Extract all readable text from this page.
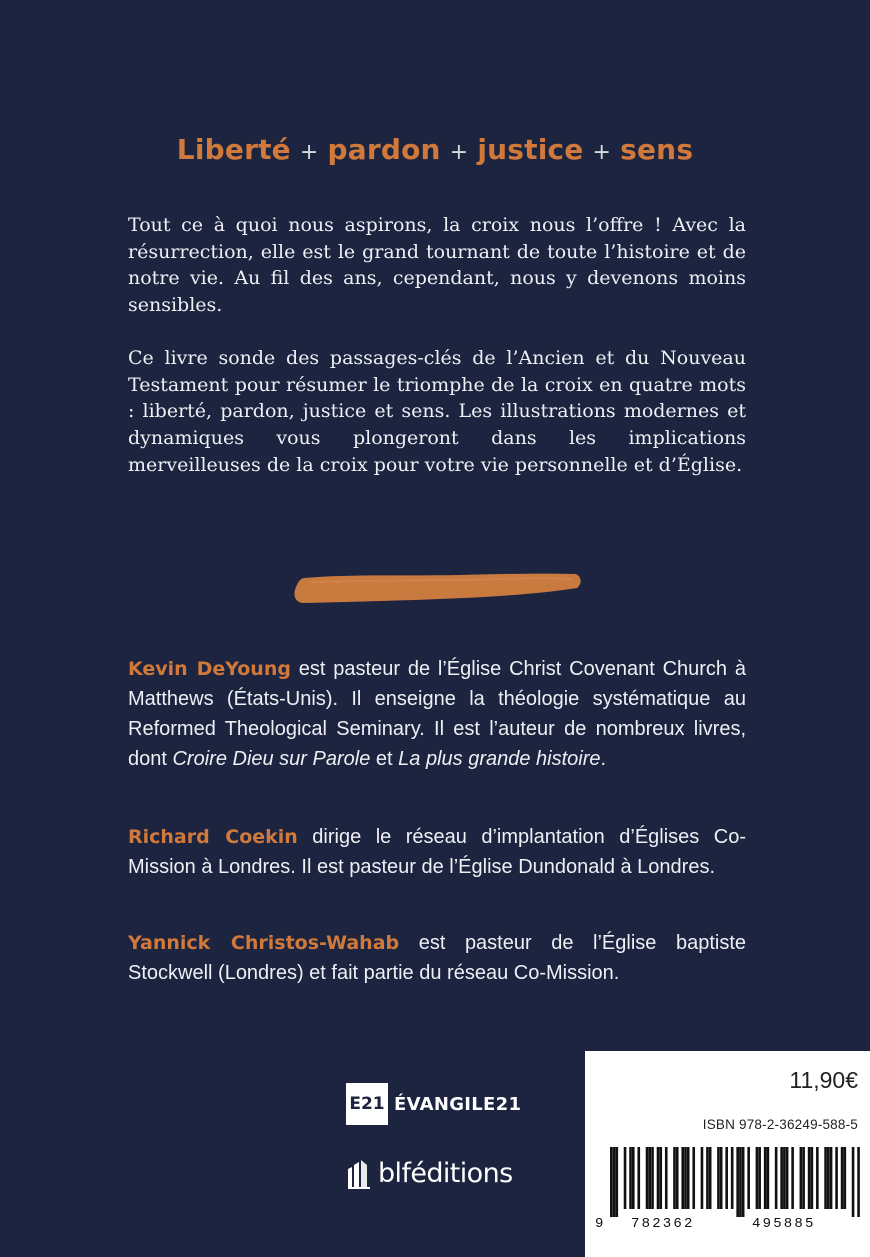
Liberté + pardon + justice + sens

Tout ce à quoi nous aspirons, la croix nous l’offre ! Avec la résurrection, elle est le grand tournant de toute l’histoire et de notre vie. Au fil des ans, cependant, nous y devenons moins sensibles.

Ce livre sonde des passages-clés de l’Ancien et du Nouveau Testament pour résumer le triomphe de la croix en quatre mots : liberté, pardon, justice et sens. Les illustrations modernes et dynamiques vous plongeront dans les implications merveilleuses de la croix pour votre vie personnelle et d’Église.

Kevin DeYoung est pasteur de l’Église Christ Covenant Church à Matthews (États-Unis). Il enseigne la théologie systématique au Reformed Theological Seminary. Il est l’auteur de nombreux livres, dont Croire Dieu sur Parole et La plus grande histoire.

Richard Coekin dirige le réseau d’implantation d’Églises Co-Mission à Londres. Il est pasteur de l’Église Dundonald à Londres.

Yannick Christos-Wahab est pasteur de l’Église baptiste Stockwell (Londres) et fait partie du réseau Co-Mission.

E21 ÉVANGILE21
blféditions
11,90€
ISBN 978-2-36249-588-5
9 782362	495885
